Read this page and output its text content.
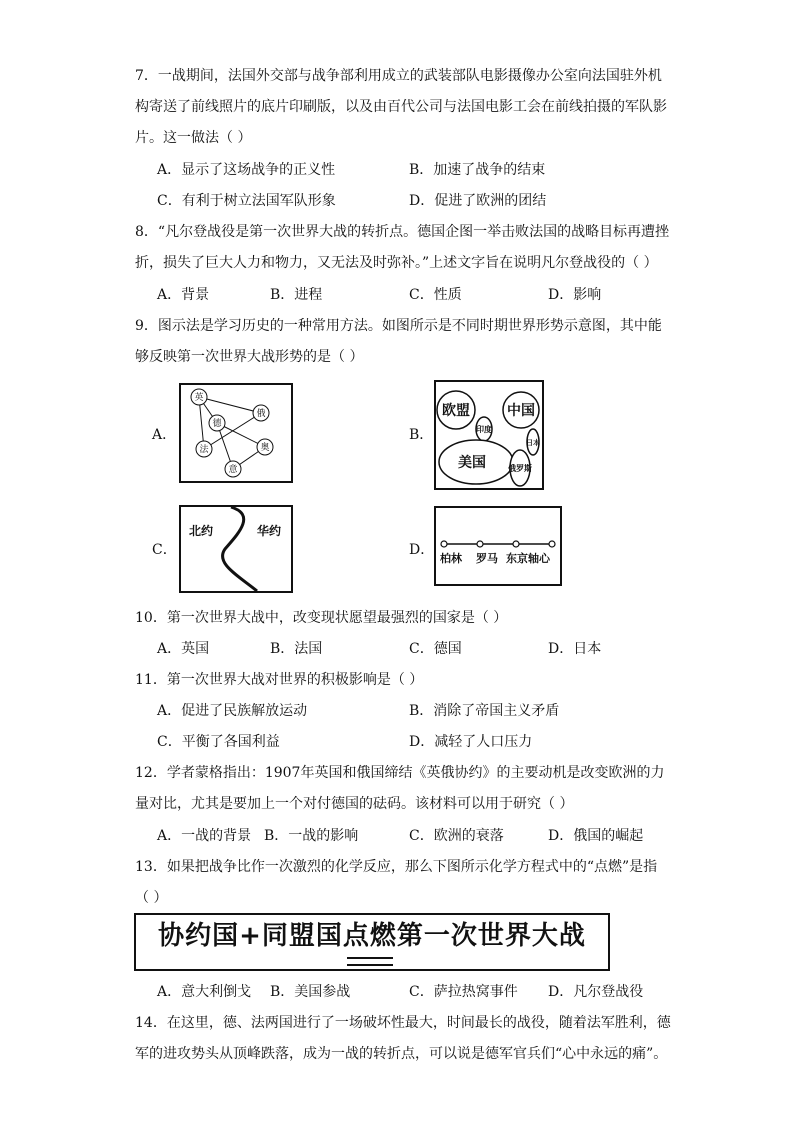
7．一战期间，法国外交部与战争部利用成立的武装部队电影摄像办公室向法国驻外机
构寄送了前线照片的底片印刷版，以及由百代公司与法国电影工会在前线拍摄的军队影
片。这一做法（ ）
A．显示了这场战争的正义性	B．加速了战争的结束
C．有利于树立法国军队形象	D．促进了欧洲的团结
8．“凡尔登战役是第一次世界大战的转折点。德国企图一举击败法国的战略目标再遭挫
折，损失了巨大人力和物力，又无法及时弥补。”上述文字旨在说明凡尔登战役的（ ）
A．背景	B．进程	C．性质	D．影响
9．图示法是学习历史的一种常用方法。如图所示是不同时期世界形势示意图，其中能
够反映第一次世界大战形势的是（ ）
A．
英
德
俄
法	奥
意
B．
欧盟	中国
印度
日本
美国	俄罗斯
C．
北约	华约
D．
柏林 罗马 东京轴心
10．第一次世界大战中，改变现状愿望最强烈的国家是（ ）
A．英国	B．法国	C．德国	D．日本
11．第一次世界大战对世界的积极影响是（ ）
A．促进了民族解放运动	B．消除了帝国主义矛盾
C．平衡了各国利益	D．减轻了人口压力
12．学者蒙格指出：1907年英国和俄国缔结《英俄协约》的主要动机是改变欧洲的力
量对比，尤其是要加上一个对付德国的砝码。该材料可以用于研究（ ）
A．一战的背景 B．一战的影响	C．欧洲的衰落	D．俄国的崛起
13．如果把战争比作一次激烈的化学反应，那么下图所示化学方程式中的“点燃”是指
（ ）
协约国+同盟国点燃第一次世界大战
A．意大利倒戈 B．美国参战	C．萨拉热窝事件 D．凡尔登战役
14．在这里，德、法两国进行了一场破坏性最大，时间最长的战役，随着法军胜利，德
军的进攻势头从顶峰跌落，成为一战的转折点，可以说是德军官兵们“心中永远的痛”。
